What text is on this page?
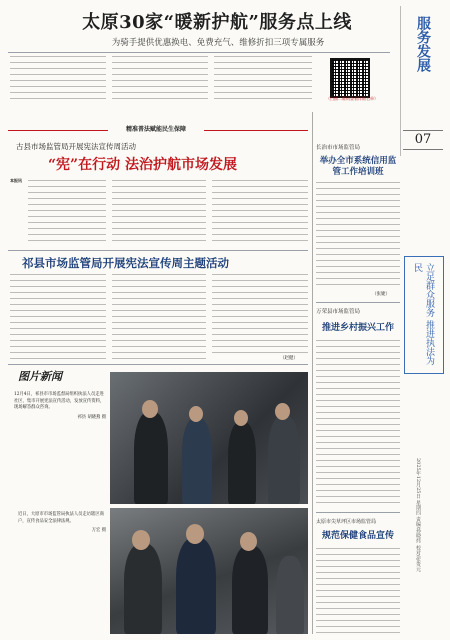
太原30家“暖新护航”服务点上线
为骑手提供优惠换电、免费充气、维修折扣三项专属服务
（扫描二维码查看详细名单）
服务发展
07
立足群众服务 推进执法为民
2025年12月25日 星期四 责编/孙晓炜 校对/张贵元
精准普法赋能民生保障
古县市场监管局开展宪法宣传周活动
“宪”在行动 法治护航市场发展
本报讯
祁县市场监管局开展宪法宣传周主题活动
（赵健）
图片新闻
12月4日，祁县市市场监督局组织执法人员走进社区、集市开展宪法宣传活动，发放宣传资料，现场解答群众咨询。
祁县 胡晓燕 摄
近日，大原市市场监管局执法人员走访辖区商户，宣传食品安全法律法规。
万宏 摄
长治市市场监管局
举办全市系统信用监管工作培训班
（张婕）
万荣县市场监管局
推进乡村振兴工作
太原市尖草坪区市场监管局
规范保健食品宣传
